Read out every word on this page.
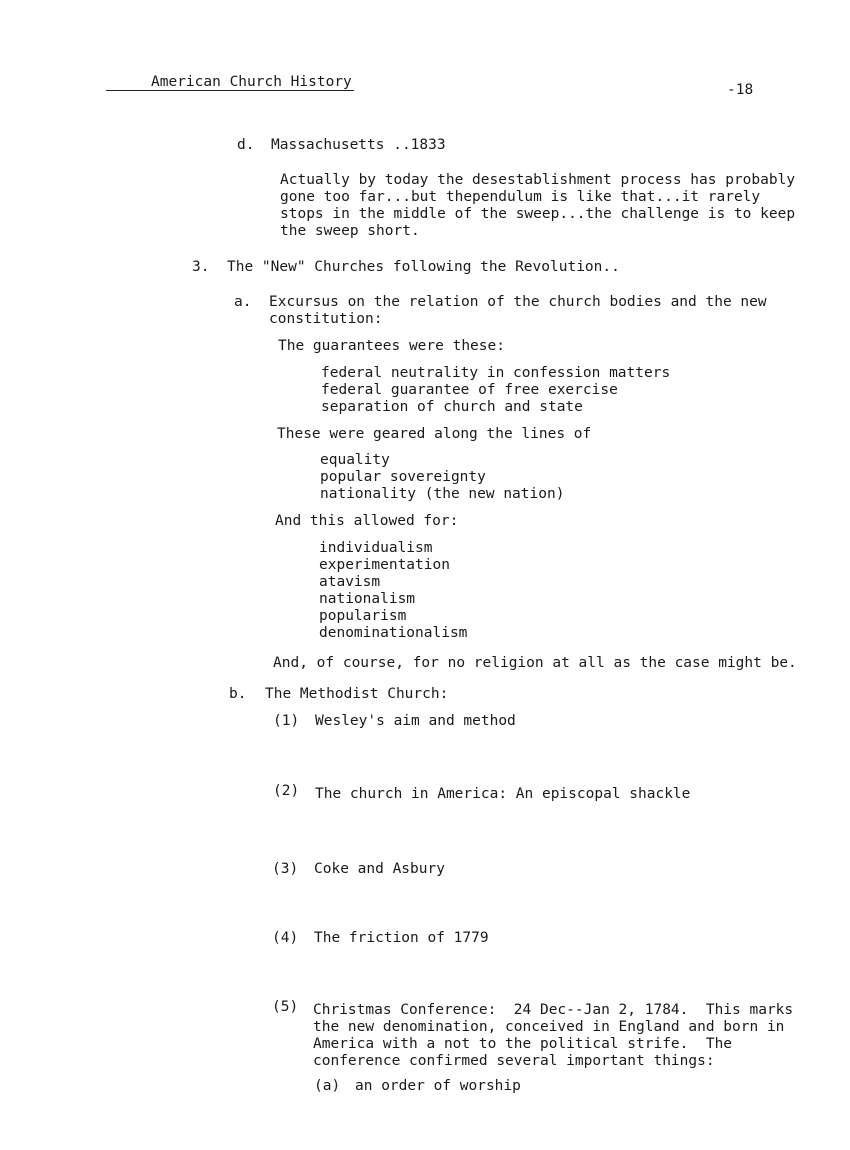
American Church History	-18
d. Massachusetts ..1833
Actually by today the desestablishment process has probably
gone too far...but thependulum is like that...it rarely
stops in the middle of the sweep...the challenge is to keep
the sweep short.
3. The "New" Churches following the Revolution..
a. Excursus on the relation of the church bodies and the new
constitution:
The guarantees were these:
federal neutrality in confession matters
federal guarantee of free exercise
separation of church and state
These were geared along the lines of
equality
popular sovereignty
nationality (the new nation)
And this allowed for:
individualism
experimentation
atavism
nationalism
popularism
denominationalism
And, of course, for no religion at all as the case might be.
b. The Methodist Church:
(1) Wesley's aim and method
(2) The church in America: An episcopal shackle
(3) Coke and Asbury
(4) The friction of 1779
(5) Christmas Conference:  24 Dec--Jan 2, 1784.  This marks
the new denomination, conceived in England and born in
America with a not to the political strife.  The
conference confirmed several important things:
(a) an order of worship
